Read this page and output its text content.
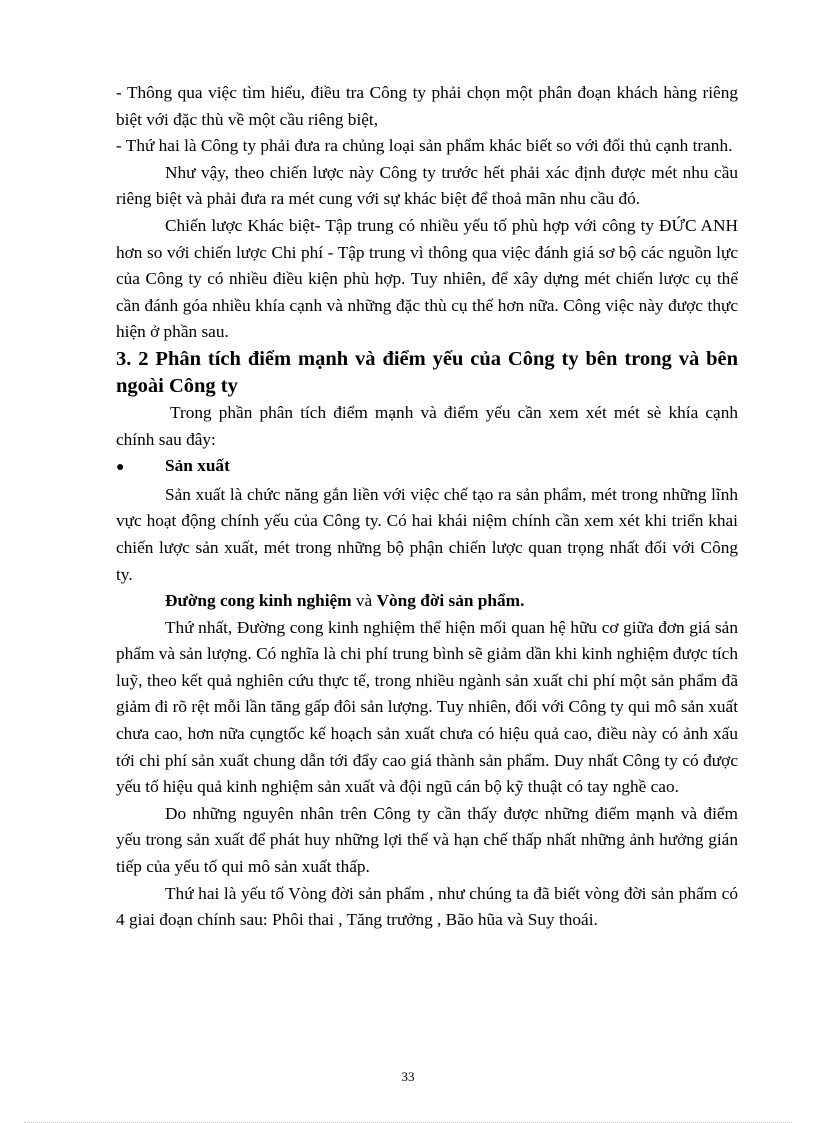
- Thông qua việc tìm hiểu, điều tra Công ty phải chọn một phân đoạn khách hàng riêng biệt với đặc thù về một cầu riêng biệt,

- Thứ hai là Công ty phải đưa ra chủng loại sản phẩm khác biết so với đối thủ cạnh tranh.

Như vậy, theo chiến lược này Công ty trước hết phải xác định được mét nhu cầu riêng biệt và phải đưa ra mét cung với sự khác biệt để thoả mãn nhu cầu đó.

Chiến lược Khác biệt- Tập trung có nhiều yếu tố phù hợp với công ty ĐỨC ANH hơn so với chiến lược Chi phí - Tập trung vì thông qua việc đánh giá sơ bộ các nguồn lực của Công ty có nhiều điều kiện phù hợp. Tuy nhiên, để xây dựng mét chiến lược cụ thể cần đánh góa nhiều khía cạnh và những đặc thù cụ thể hơn nữa. Công việc này được thực hiện ở phần sau.

3. 2 Phân tích điểm mạnh và điểm yếu của Công ty bên trong và bên ngoài Công ty

Trong phần phân tích điểm mạnh và điểm yếu cần xem xét mét sè khía cạnh chính sau đây:

●	Sản xuất

Sản xuất là chức năng gắn liền với việc chế tạo ra sản phẩm, mét trong những lĩnh vực hoạt động chính yếu của Công ty. Có hai khái niệm chính cần xem xét khi triển khai chiến lược sản xuất, mét trong những bộ phận chiến lược quan trọng nhất đối với Công ty.

Đường cong kinh nghiệm và Vòng đời sản phẩm.

Thứ nhất, Đường cong kinh nghiệm thể hiện mối quan hệ hữu cơ giữa đơn giá sản phẩm và sản lượng. Có nghĩa là chi phí trung bình sẽ giảm dần khi kinh nghiệm được tích luỹ, theo kết quả nghiên cứu thực tế, trong nhiều ngành sản xuất chi phí một sản phẩm đã giảm đi rõ rệt mỗi lần tăng gấp đôi sản lượng. Tuy nhiên, đối với Công ty qui mô sản xuất chưa cao, hơn nữa cụngtốc kế hoạch sản xuất chưa có hiệu quả cao, điều này có ảnh xấu tới chi phí sản xuất chung dẫn tới đẩy cao giá thành sản phẩm. Duy nhất Công ty có được yếu tố hiệu quả kinh nghiệm sản xuất và đội ngũ cán bộ kỹ thuật có tay nghề cao.

Do những nguyên nhân trên Công ty cần thấy được những điểm mạnh và điểm yếu trong sản xuất để phát huy những lợi thế và hạn chế thấp nhất những ảnh hưởng gián tiếp của yếu tố qui mô sản xuất thấp.

Thứ hai là yếu tố Vòng đời sản phẩm , như chúng ta đã biết vòng đời sản phẩm có 4 giai đoạn chính sau: Phôi thai , Tăng trưởng , Bão hũa và Suy thoái.

33
